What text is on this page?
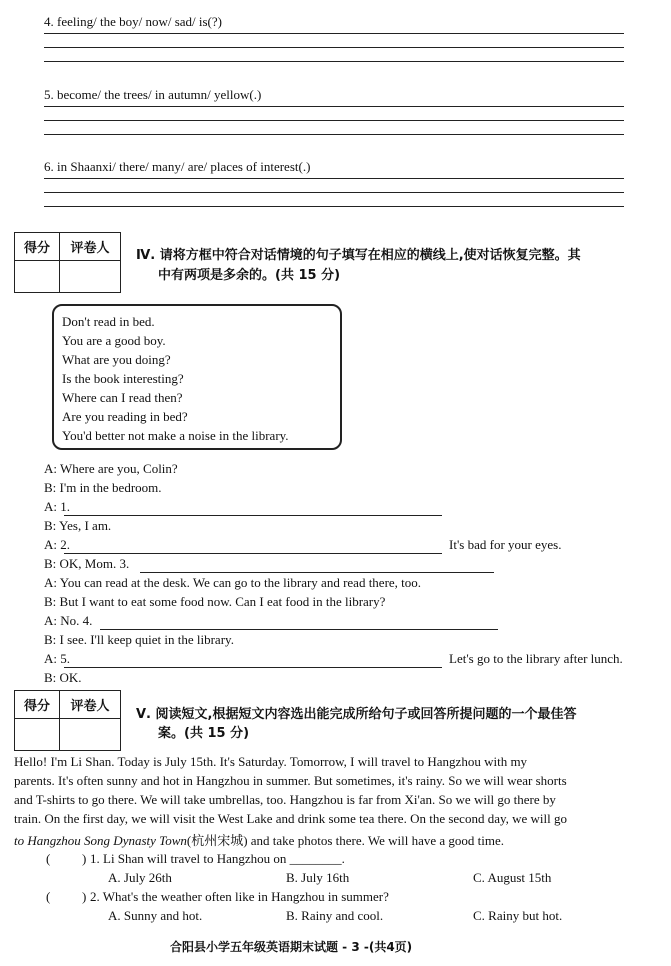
4. feeling/ the boy/ now/ sad/ is(?)
5. become/ the trees/ in autumn/ yellow(.)
6. in Shaanxi/ there/ many/ are/ places of interest(.)
得分	评卷人
	Ⅳ. 请将方框中符合对话情境的句子填写在相应的横线上,使对话恢复完整。其
中有两项是多余的。(共 15 分)
Don't read in bed.
You are a good boy.
What are you doing?
Is the book interesting?
Where can I read then?
Are you reading in bed?
You'd better not make a noise in the library.
A: Where are you, Colin?
B: I'm in the bedroom.
A: 1.
B: Yes, I am.
A: 2.	It's bad for your eyes.
B: OK, Mom. 3.
A: You can read at the desk. We can go to the library and read there, too.
B: But I want to eat some food now. Can I eat food in the library?
A: No. 4.
B: I see. I'll keep quiet in the library.
A: 5.	Let's go to the library after lunch.
B: OK.
得分	评卷人

Ⅴ. 阅读短文,根据短文内容选出能完成所给句子或回答所提问题的一个最佳答
案。(共 15 分)
Hello! I'm Li Shan. Today is July 15th. It's Saturday. Tomorrow, I will travel to Hangzhou with my
parents. It's often sunny and hot in Hangzhou in summer. But sometimes, it's rainy. So we will wear shorts
and T-shirts to go there. We will take umbrellas, too. Hangzhou is far from Xi'an. So we will go there by
train. On the first day, we will visit the West Lake and drink some tea there. On the second day, we will go
to Hangzhou Song Dynasty Town(杭州宋城) and take photos there. We will have a good time.
( ) 1. Li Shan will travel to Hangzhou on ________.
A. July 26th	B. July 16th	C. August 15th
( ) 2. What's the weather often like in Hangzhou in summer?
A. Sunny and hot.	B. Rainy and cool.	C. Rainy but hot.
合阳县小学五年级英语期末试题 - 3 -(共4页)
